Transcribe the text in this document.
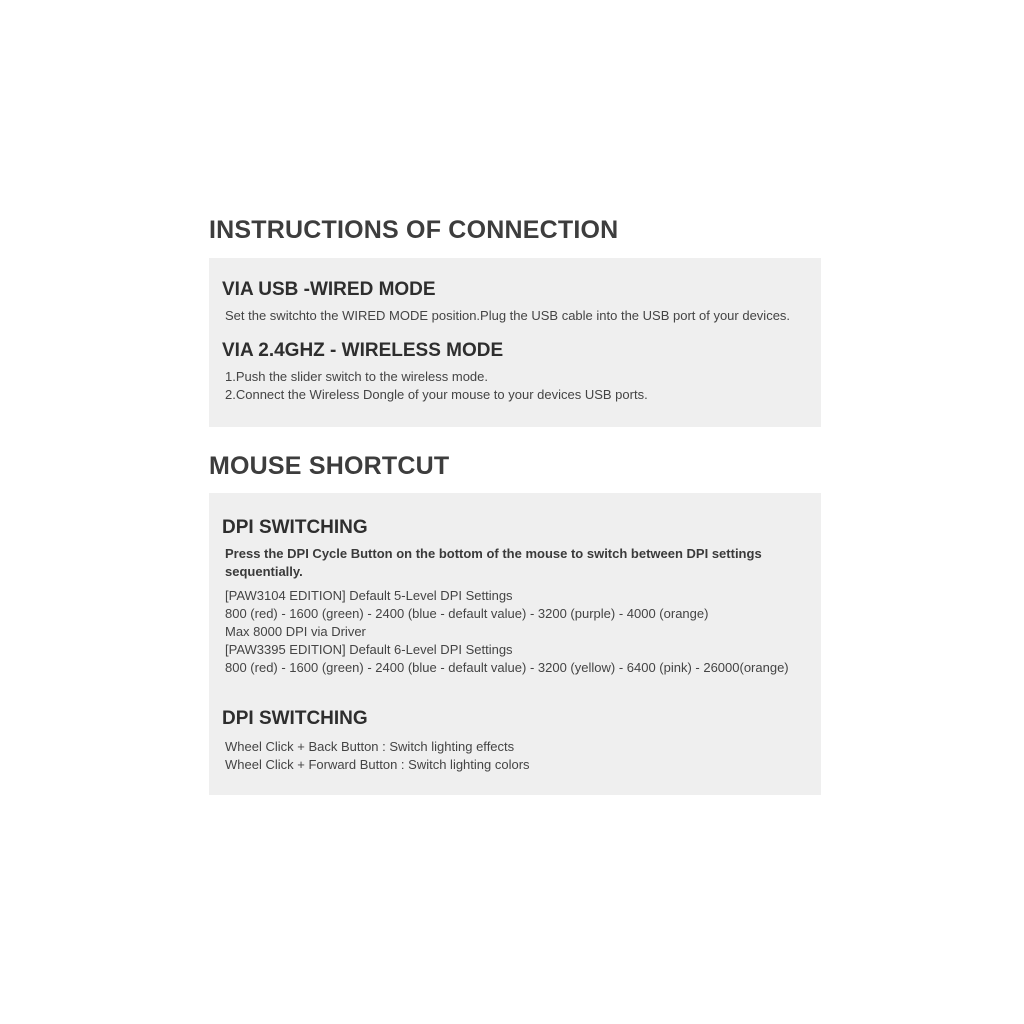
INSTRUCTIONS OF CONNECTION
VIA USB -WIRED MODE

Set the switchto the WIRED MODE position.Plug the USB cable into the USB port of your devices.

VIA 2.4GHZ - WIRELESS MODE

1.Push the slider switch to the wireless mode.
2.Connect the Wireless Dongle of your mouse to your devices USB ports.

MOUSE SHORTCUT
DPI SWITCHING

Press the DPI Cycle Button on the bottom of the mouse to switch between DPI settings sequentially.

[PAW3104 EDITION] Default 5-Level DPI Settings
800 (red) - 1600 (green) - 2400 (blue - default value) - 3200 (purple) - 4000 (orange)
Max 8000 DPI via Driver
[PAW3395 EDITION] Default 6-Level DPI Settings
800 (red) - 1600 (green) - 2400 (blue - default value) - 3200 (yellow) - 6400 (pink) - 26000(orange)

DPI SWITCHING

Wheel Click + Back Button : Switch lighting effects
Wheel Click + Forward Button : Switch lighting colors
